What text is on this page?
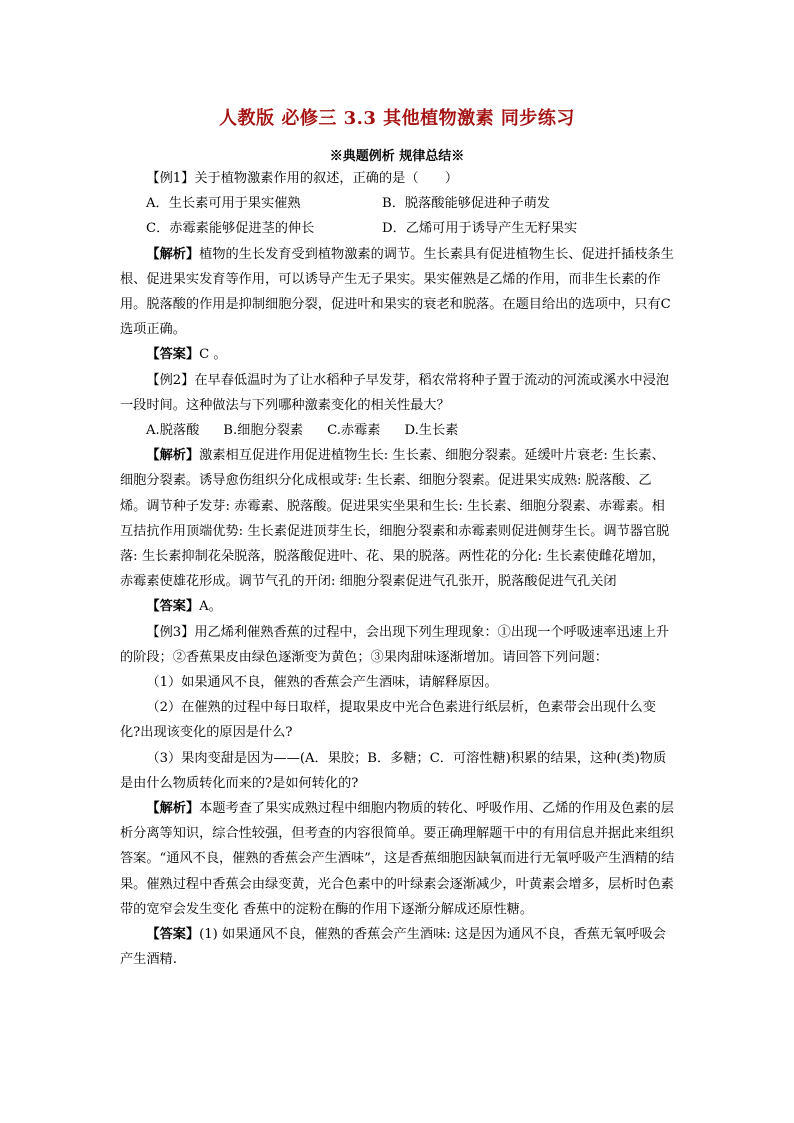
人教版 必修三 3.3 其他植物激素 同步练习
※典题例析 规律总结※

【例1】关于植物激素作用的叙述，正确的是（　　）

A．生长素可用于果实催熟	B．脱落酸能够促进种子萌发
C．赤霉素能够促进茎的伸长	D．乙烯可用于诱导产生无籽果实

【解析】植物的生长发育受到植物激素的调节。生长素具有促进植物生长、促进扦插枝条生根、促进果实发育等作用，可以诱导产生无子果实。果实催熟是乙烯的作用，而非生长素的作用。脱落酸的作用是抑制细胞分裂，促进叶和果实的衰老和脱落。在题目给出的选项中，只有C选项正确。

【答案】C 。

【例2】在早春低温时为了让水稻种子早发芽，稻农常将种子置于流动的河流或溪水中浸泡一段时间。这种做法与下列哪种激素变化的相关性最大？

A.脱落酸 B.细胞分裂素 C.赤霉素 D.生长素

【解析】激素相互促进作用促进植物生长: 生长素、细胞分裂素。延缓叶片衰老: 生长素、细胞分裂素。诱导愈伤组织分化成根或芽: 生长素、细胞分裂素。促进果实成熟: 脱落酸、乙烯。调节种子发芽: 赤霉素、脱落酸。促进果实坐果和生长: 生长素、细胞分裂素、赤霉素。相互拮抗作用顶端优势: 生长素促进顶芽生长，细胞分裂素和赤霉素则促进侧芽生长。调节器官脱落: 生长素抑制花朵脱落，脱落酸促进叶、花、果的脱落。两性花的分化: 生长素使雌花增加，赤霉素使雄花形成。调节气孔的开闭: 细胞分裂素促进气孔张开，脱落酸促进气孔关闭

【答案】A。

【例3】用乙烯利催熟香蕉的过程中，会出现下列生理现象：①出现一个呼吸速率迅速上升的阶段；②香蕉果皮由绿色逐渐变为黄色；③果肉甜味逐渐增加。请回答下列问题：

（1）如果通风不良，催熟的香蕉会产生酒味，请解释原因。

（2）在催熟的过程中每日取样，提取果皮中光合色素进行纸层析，色素带会出现什么变化?出现该变化的原因是什么?

（3）果肉变甜是因为——(A．果胶；B．多糖；C．可溶性糖)积累的结果，这种(类)物质是由什么物质转化而来的?是如何转化的?

【解析】本题考查了果实成熟过程中细胞内物质的转化、呼吸作用、乙烯的作用及色素的层析分离等知识，综合性较强，但考查的内容很简单。要正确理解题干中的有用信息并据此来组织答案。“通风不良，催熟的香蕉会产生酒味”，这是香蕉细胞因缺氧而进行无氧呼吸产生酒精的结果。催熟过程中香蕉会由绿变黄，光合色素中的叶绿素会逐渐减少，叶黄素会增多，层析时色素带的宽窄会发生变化 香蕉中的淀粉在酶的作用下逐渐分解成还原性糖。

【答案】(1) 如果通风不良，催熟的香蕉会产生酒味: 这是因为通风不良，香蕉无氧呼吸会产生酒精.
